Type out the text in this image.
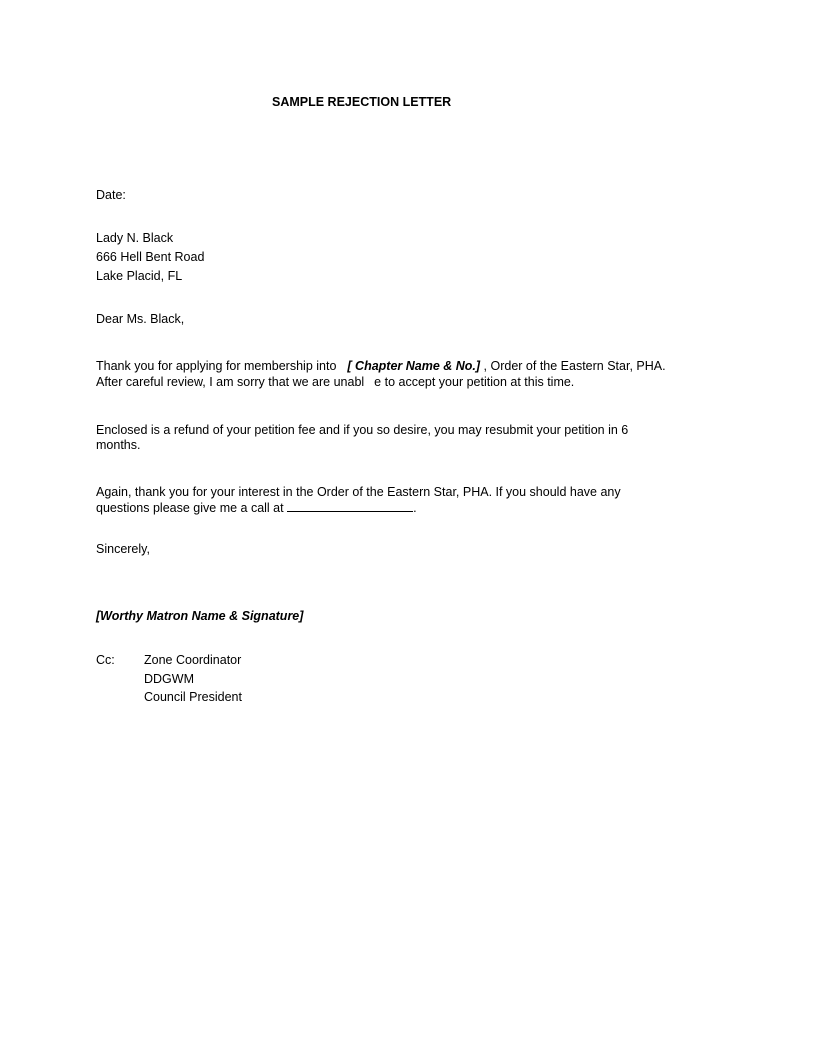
SAMPLE REJECTION LETTER
Date:
Lady N. Black
666 Hell Bent Road
Lake Placid, FL
Dear Ms. Black,
Thank you for applying for membership into [ Chapter Name & No.] , Order of the Eastern Star, PHA.
After careful review, I am sorry that we are unabl e to accept your petition at this time.
Enclosed is a refund of your petition fee and if you so desire, you may resubmit your petition in 6
months.
Again, thank you for your interest in the Order of the Eastern Star, PHA. If you should have any
questions please give me a call at	.
Sincerely,
[Worthy Matron Name & Signature]
Cc: Zone Coordinator
DDGWM
Council President
